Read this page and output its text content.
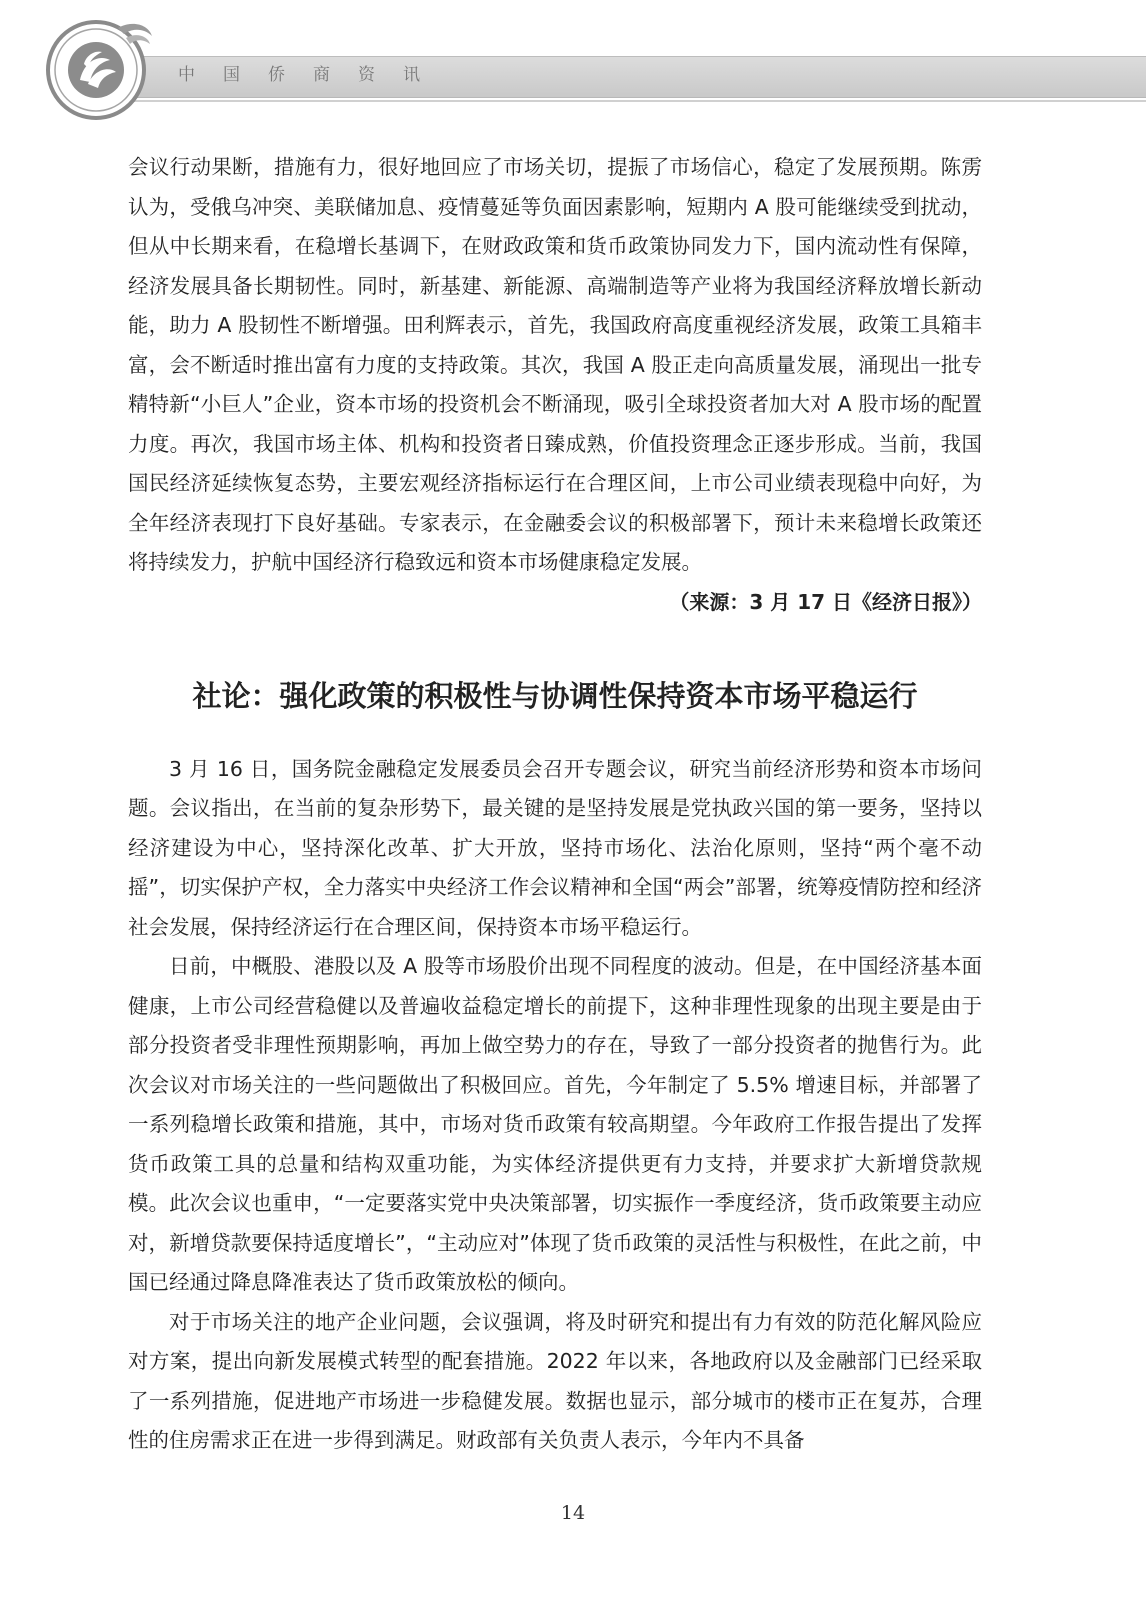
中国侨商资讯

会议行动果断，措施有力，很好地回应了市场关切，提振了市场信心，稳定了发展预期。陈雳认为，受俄乌冲突、美联储加息、疫情蔓延等负面因素影响，短期内 A 股可能继续受到扰动，但从中长期来看，在稳增长基调下，在财政政策和货币政策协同发力下，国内流动性有保障，经济发展具备长期韧性。同时，新基建、新能源、高端制造等产业将为我国经济释放增长新动能，助力 A 股韧性不断增强。田利辉表示，首先，我国政府高度重视经济发展，政策工具箱丰富，会不断适时推出富有力度的支持政策。其次，我国 A 股正走向高质量发展，涌现出一批专精特新“小巨人”企业，资本市场的投资机会不断涌现，吸引全球投资者加大对 A 股市场的配置力度。再次，我国市场主体、机构和投资者日臻成熟，价值投资理念正逐步形成。当前，我国国民经济延续恢复态势，主要宏观经济指标运行在合理区间，上市公司业绩表现稳中向好，为全年经济表现打下良好基础。专家表示，在金融委会议的积极部署下，预计未来稳增长政策还将持续发力，护航中国经济行稳致远和资本市场健康稳定发展。

（来源：3 月 17 日《经济日报》）

社论：强化政策的积极性与协调性保持资本市场平稳运行

3 月 16 日，国务院金融稳定发展委员会召开专题会议，研究当前经济形势和资本市场问题。会议指出，在当前的复杂形势下，最关键的是坚持发展是党执政兴国的第一要务，坚持以经济建设为中心，坚持深化改革、扩大开放，坚持市场化、法治化原则，坚持“两个毫不动摇”，切实保护产权，全力落实中央经济工作会议精神和全国“两会”部署，统筹疫情防控和经济社会发展，保持经济运行在合理区间，保持资本市场平稳运行。

日前，中概股、港股以及 A 股等市场股价出现不同程度的波动。但是，在中国经济基本面健康，上市公司经营稳健以及普遍收益稳定增长的前提下，这种非理性现象的出现主要是由于部分投资者受非理性预期影响，再加上做空势力的存在，导致了一部分投资者的抛售行为。此次会议对市场关注的一些问题做出了积极回应。首先，今年制定了 5.5% 增速目标，并部署了一系列稳增长政策和措施，其中，市场对货币政策有较高期望。今年政府工作报告提出了发挥货币政策工具的总量和结构双重功能，为实体经济提供更有力支持，并要求扩大新增贷款规模。此次会议也重申，“一定要落实党中央决策部署，切实振作一季度经济，货币政策要主动应对，新增贷款要保持适度增长”，“主动应对”体现了货币政策的灵活性与积极性，在此之前，中国已经通过降息降准表达了货币政策放松的倾向。

对于市场关注的地产企业问题，会议强调，将及时研究和提出有力有效的防范化解风险应对方案，提出向新发展模式转型的配套措施。2022 年以来，各地政府以及金融部门已经采取了一系列措施，促进地产市场进一步稳健发展。数据也显示，部分城市的楼市正在复苏，合理性的住房需求正在进一步得到满足。财政部有关负责人表示，今年内不具备

14
